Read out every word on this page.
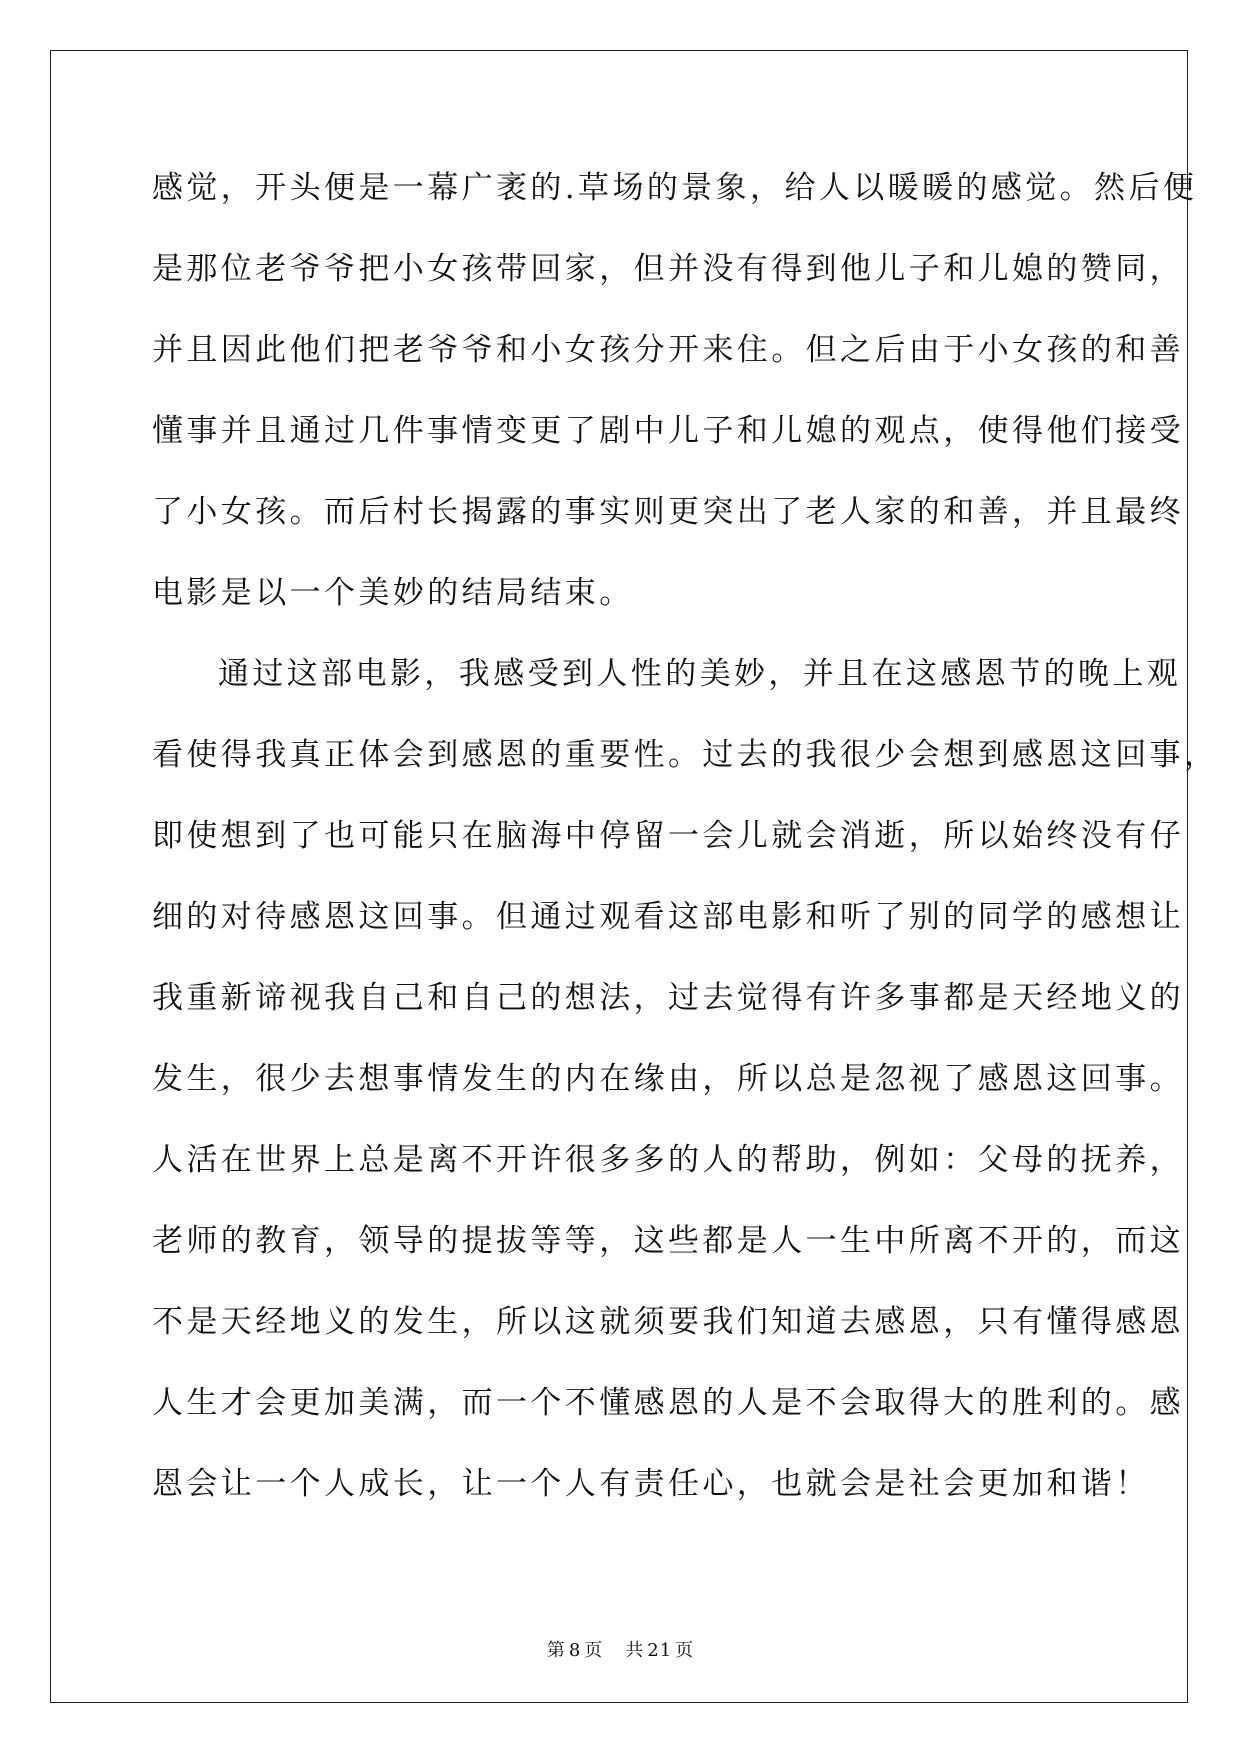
感觉，开头便是一幕广袤的.草场的景象，给人以暖暖的感觉。然后便
是那位老爷爷把小女孩带回家，但并没有得到他儿子和儿媳的赞同，
并且因此他们把老爷爷和小女孩分开来住。但之后由于小女孩的和善
懂事并且通过几件事情变更了剧中儿子和儿媳的观点，使得他们接受
了小女孩。而后村长揭露的事实则更突出了老人家的和善，并且最终
电影是以一个美妙的结局结束。
通过这部电影，我感受到人性的美妙，并且在这感恩节的晚上观
看使得我真正体会到感恩的重要性。过去的我很少会想到感恩这回事，
即使想到了也可能只在脑海中停留一会儿就会消逝，所以始终没有仔
细的对待感恩这回事。但通过观看这部电影和听了别的同学的感想让
我重新谛视我自己和自己的想法，过去觉得有许多事都是天经地义的
发生，很少去想事情发生的内在缘由，所以总是忽视了感恩这回事。
人活在世界上总是离不开许很多多的人的帮助，例如：父母的抚养，
老师的教育，领导的提拔等等，这些都是人一生中所离不开的，而这
不是天经地义的发生，所以这就须要我们知道去感恩，只有懂得感恩
人生才会更加美满，而一个不懂感恩的人是不会取得大的胜利的。感
恩会让一个人成长，让一个人有责任心，也就会是社会更加和谐！
第 8 页 共 21 页
